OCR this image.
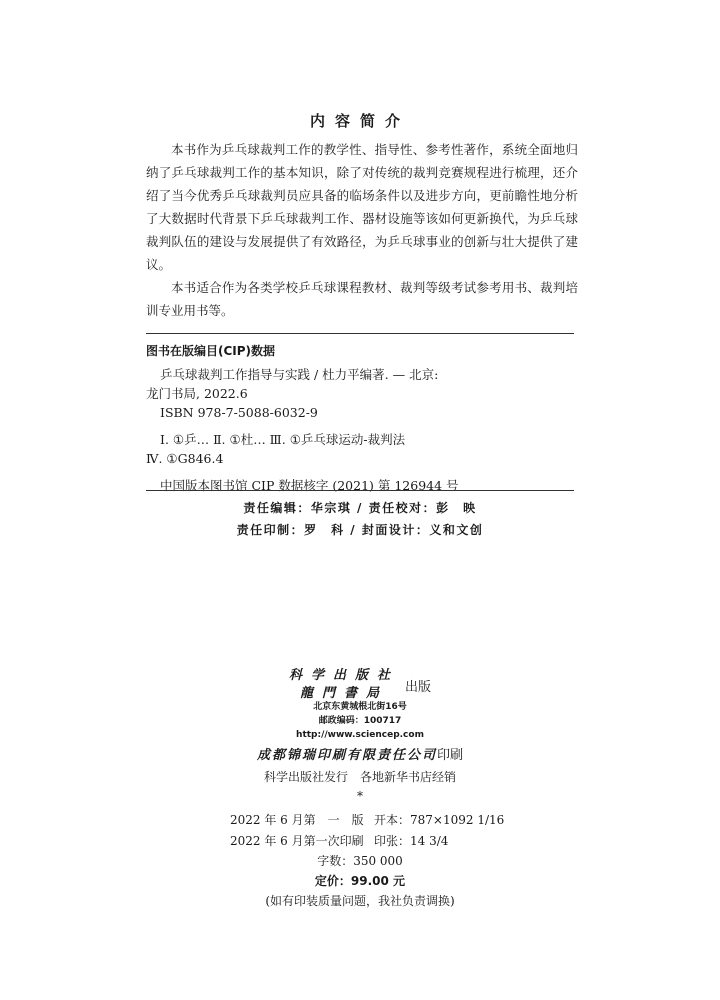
内容简介

本书作为乒乓球裁判工作的教学性、指导性、参考性著作，系统全面地归纳了乒乓球裁判工作的基本知识，除了对传统的裁判竞赛规程进行梳理，还介绍了当今优秀乒乓球裁判员应具备的临场条件以及进步方向，更前瞻性地分析了大数据时代背景下乒乓球裁判工作、器材设施等该如何更新换代，为乒乓球裁判队伍的建设与发展提供了有效路径，为乒乓球事业的创新与壮大提供了建议。

本书适合作为各类学校乒乓球课程教材、裁判等级考试参考用书、裁判培训专业用书等。

图书在版编目(CIP)数据

乒乓球裁判工作指导与实践 / 杜力平编著. — 北京:

龙门书局, 2022.6

ISBN 978-7-5088-6032-9

Ⅰ. ①乒… Ⅱ. ①杜… Ⅲ. ①乒乓球运动-裁判法

Ⅳ. ①G846.4

中国版本图书馆 CIP 数据核字 (2021) 第 126944 号

责任编辑：华宗琪 / 责任校对：彭　映
责任印制：罗　科 / 封面设计：义和文创
科学出版社
龍門書局	出版
北京东黄城根北街16号
邮政编码：100717
http://www.sciencep.com
成都锦瑞印刷有限责任公司印刷
科学出版社发行　各地新华书店经销
*
2022 年 6 月第　一　版 开本：787×1092 1/16
2022 年 6 月第一次印刷 印张：14 3/4
字数：350 000
定价：99.00 元
(如有印装质量问题，我社负责调换)
